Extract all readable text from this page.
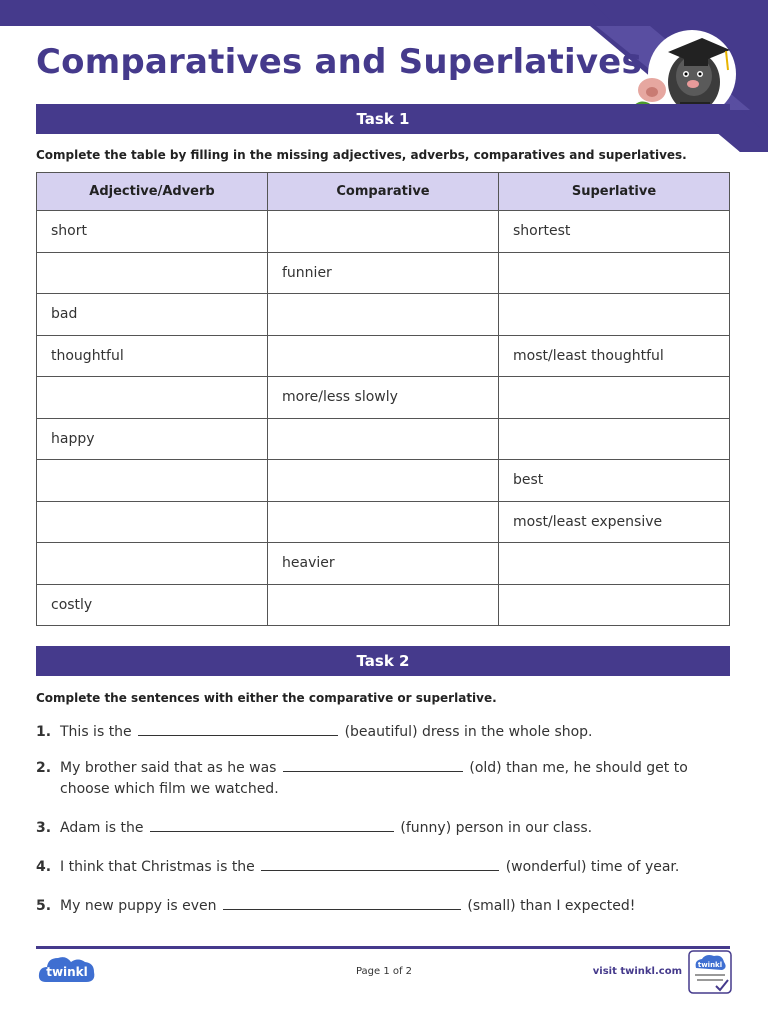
Comparatives and Superlatives
Task 1
Complete the table by filling in the missing adjectives, adverbs, comparatives and superlatives.
Adjective/Adverb	Comparative	Superlative
short		shortest
	funnier	
bad		
thoughtful		most/least thoughtful
	more/less slowly	
happy		
		best
		most/least expensive
	heavier	
costly		
Task 2
Complete the sentences with either the comparative or superlative.
1. This is the	(beautiful) dress in the whole shop.
2. My brother said that as he was	(old) than me, he should get to choose which film we watched.
3. Adam is the	(funny) person in our class.
4. I think that Christmas is the	(wonderful) time of year.
5. My new puppy is even	(small) than I expected!
twinkl	Page 1 of 2	visit twinkl.com
twinkl
